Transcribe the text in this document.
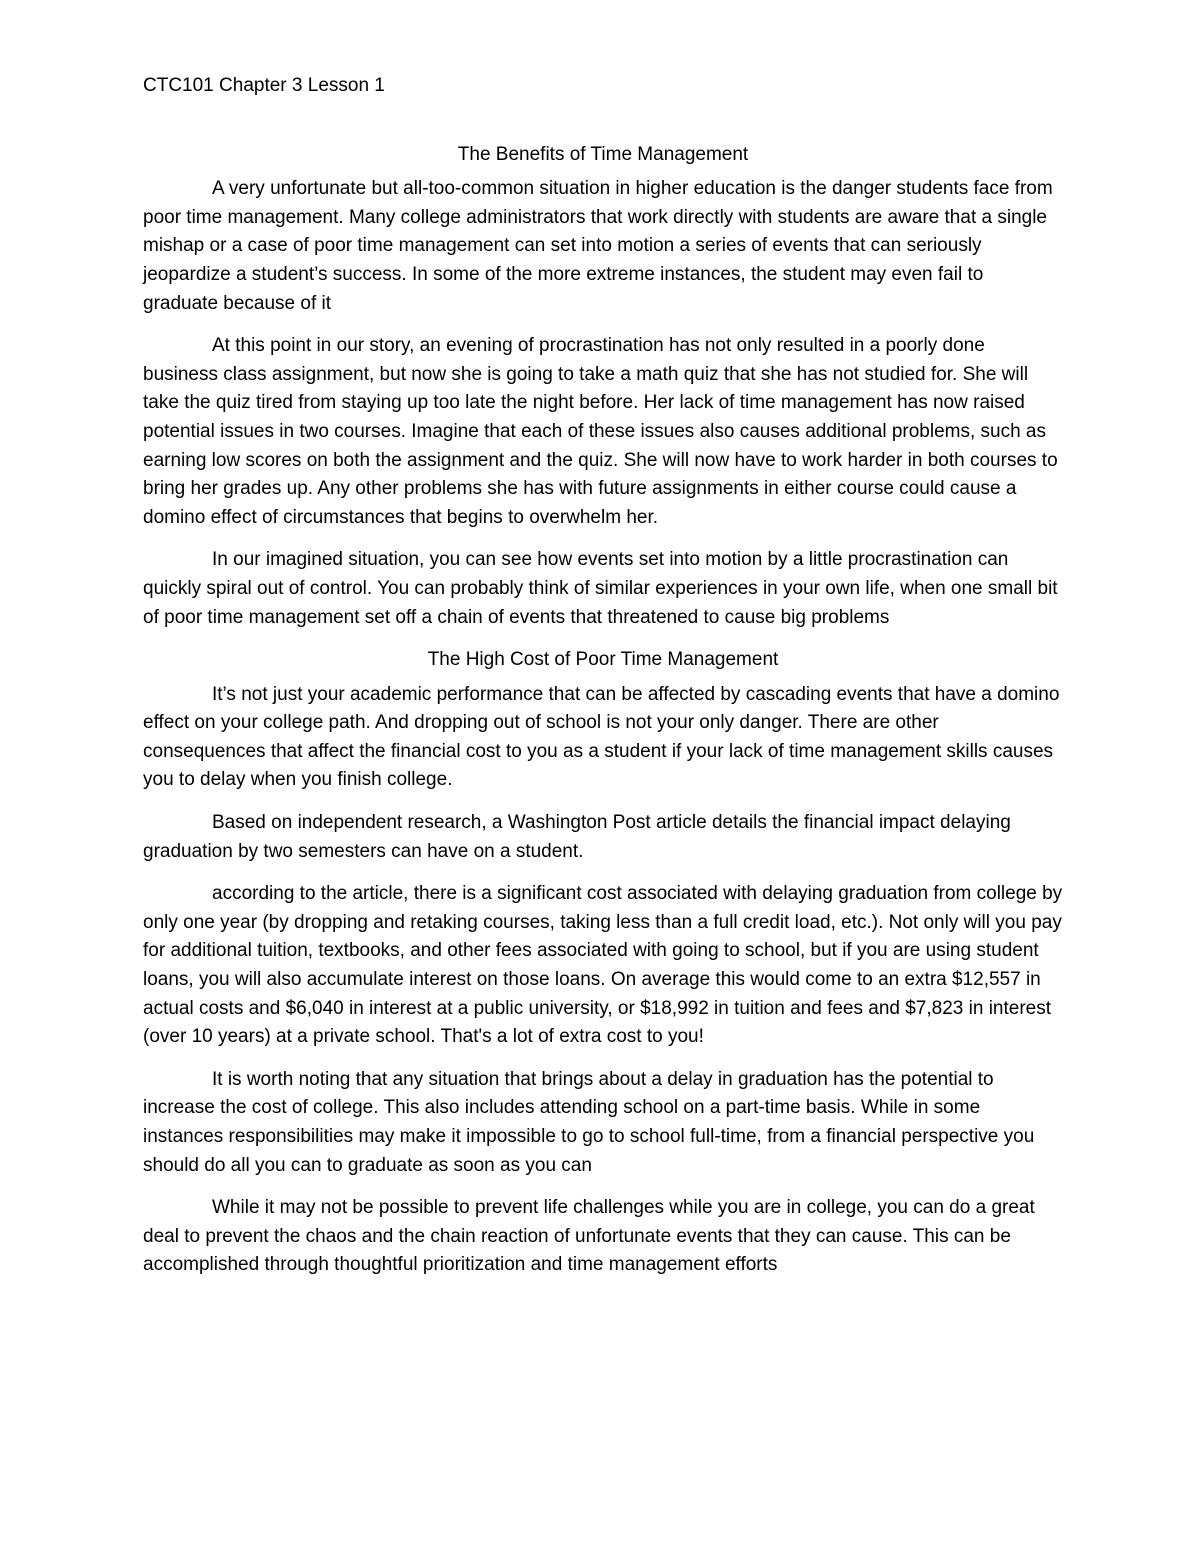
CTC101 Chapter 3 Lesson 1
The Benefits of Time Management

A very unfortunate but all-too-common situation in higher education is the danger students face from poor time management. Many college administrators that work directly with students are aware that a single mishap or a case of poor time management can set into motion a series of events that can seriously jeopardize a student’s success. In some of the more extreme instances, the student may even fail to graduate because of it

At this point in our story, an evening of procrastination has not only resulted in a poorly done business class assignment, but now she is going to take a math quiz that she has not studied for. She will take the quiz tired from staying up too late the night before. Her lack of time management has now raised potential issues in two courses. Imagine that each of these issues also causes additional problems, such as earning low scores on both the assignment and the quiz. She will now have to work harder in both courses to bring her grades up. Any other problems she has with future assignments in either course could cause a domino effect of circumstances that begins to overwhelm her.

In our imagined situation, you can see how events set into motion by a little procrastination can quickly spiral out of control. You can probably think of similar experiences in your own life, when one small bit of poor time management set off a chain of events that threatened to cause big problems

The High Cost of Poor Time Management

It’s not just your academic performance that can be affected by cascading events that have a domino effect on your college path. And dropping out of school is not your only danger. There are other consequences that affect the financial cost to you as a student if your lack of time management skills causes you to delay when you finish college.

Based on independent research, a Washington Post article details the financial impact delaying graduation by two semesters can have on a student.

according to the article, there is a significant cost associated with delaying graduation from college by only one year (by dropping and retaking courses, taking less than a full credit load, etc.). Not only will you pay for additional tuition, textbooks, and other fees associated with going to school, but if you are using student loans, you will also accumulate interest on those loans. On average this would come to an extra $12,557 in actual costs and $6,040 in interest at a public university, or $18,992 in tuition and fees and $7,823 in interest (over 10 years) at a private school. That's a lot of extra cost to you!

It is worth noting that any situation that brings about a delay in graduation has the potential to increase the cost of college. This also includes attending school on a part-time basis. While in some instances responsibilities may make it impossible to go to school full-time, from a financial perspective you should do all you can to graduate as soon as you can

While it may not be possible to prevent life challenges while you are in college, you can do a great deal to prevent the chaos and the chain reaction of unfortunate events that they can cause. This can be accomplished through thoughtful prioritization and time management efforts
